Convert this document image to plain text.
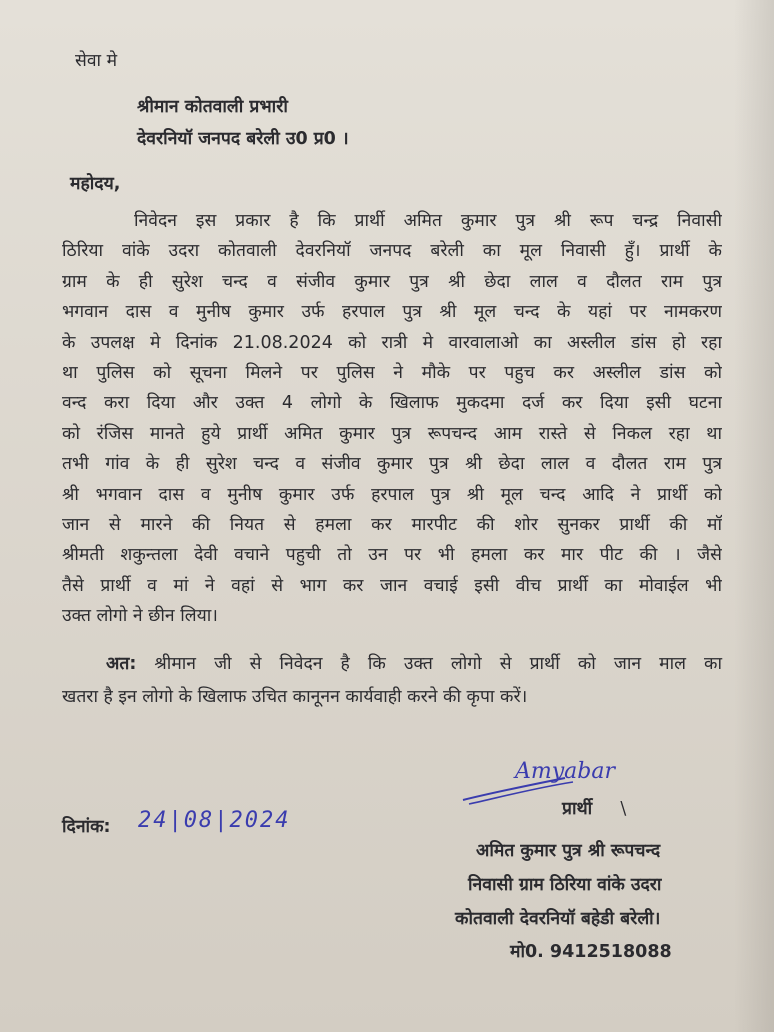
सेवा मे
श्रीमान कोतवाली प्रभारी
देवरनियॉ जनपद बरेली उ0 प्र0 ।
महोदय,
निवेदन इस प्रकार है कि प्रार्थी अमित कुमार पुत्र श्री रूप चन्द्र निवासी
ठिरिया वांके उदरा कोतवाली देवरनियॉ जनपद बरेली का मूल निवासी हुँ। प्रार्थी के
ग्राम के ही सुरेश चन्द व संजीव कुमार पुत्र श्री छेदा लाल व दौलत राम पुत्र
भगवान दास व मुनीष कुमार उर्फ हरपाल पुत्र श्री मूल चन्द के यहां पर नामकरण
के उपलक्ष मे दिनांक 21.08.2024 को रात्री मे वारवालाओ का अस्लील डांस हो रहा
था पुलिस को सूचना मिलने पर पुलिस ने मौके पर पहुच कर अस्लील डांस को
वन्द करा दिया और उक्त 4 लोगो के खिलाफ मुकदमा दर्ज कर दिया इसी घटना
को रंजिस मानते हुये प्रार्थी अमित कुमार पुत्र रूपचन्द आम रास्ते से निकल रहा था
तभी गांव के ही सुरेश चन्द व संजीव कुमार पुत्र श्री छेदा लाल व दौलत राम पुत्र
श्री भगवान दास व मुनीष कुमार उर्फ हरपाल पुत्र श्री मूल चन्द आदि ने प्रार्थी को
जान से मारने की नियत से हमला कर मारपीट की शोर सुनकर प्रार्थी की मॉ
श्रीमती शकुन्तला देवी वचाने पहुची तो उन पर भी हमला कर मार पीट की । जैसे
तैसे प्रार्थी व मां ने वहां से भाग कर जान वचाई इसी वीच प्रार्थी का मोवाईल भी
उक्त लोगो ने छीन लिया।
अत: श्रीमान जी से निवेदन है कि उक्त लोगो से प्रार्थी को जान माल का
खतरा है इन लोगो के खिलाफ उचित कानूनन कार्यवाही करने की कृपा करें।
Amyabar
दिनांक: 24|08|2024	प्रार्थी \
अमित कुमार पुत्र श्री रूपचन्द
निवासी ग्राम ठिरिया वांके उदरा
कोतवाली देवरनियॉ बहेडी बरेली।
मो0. 9412518088
